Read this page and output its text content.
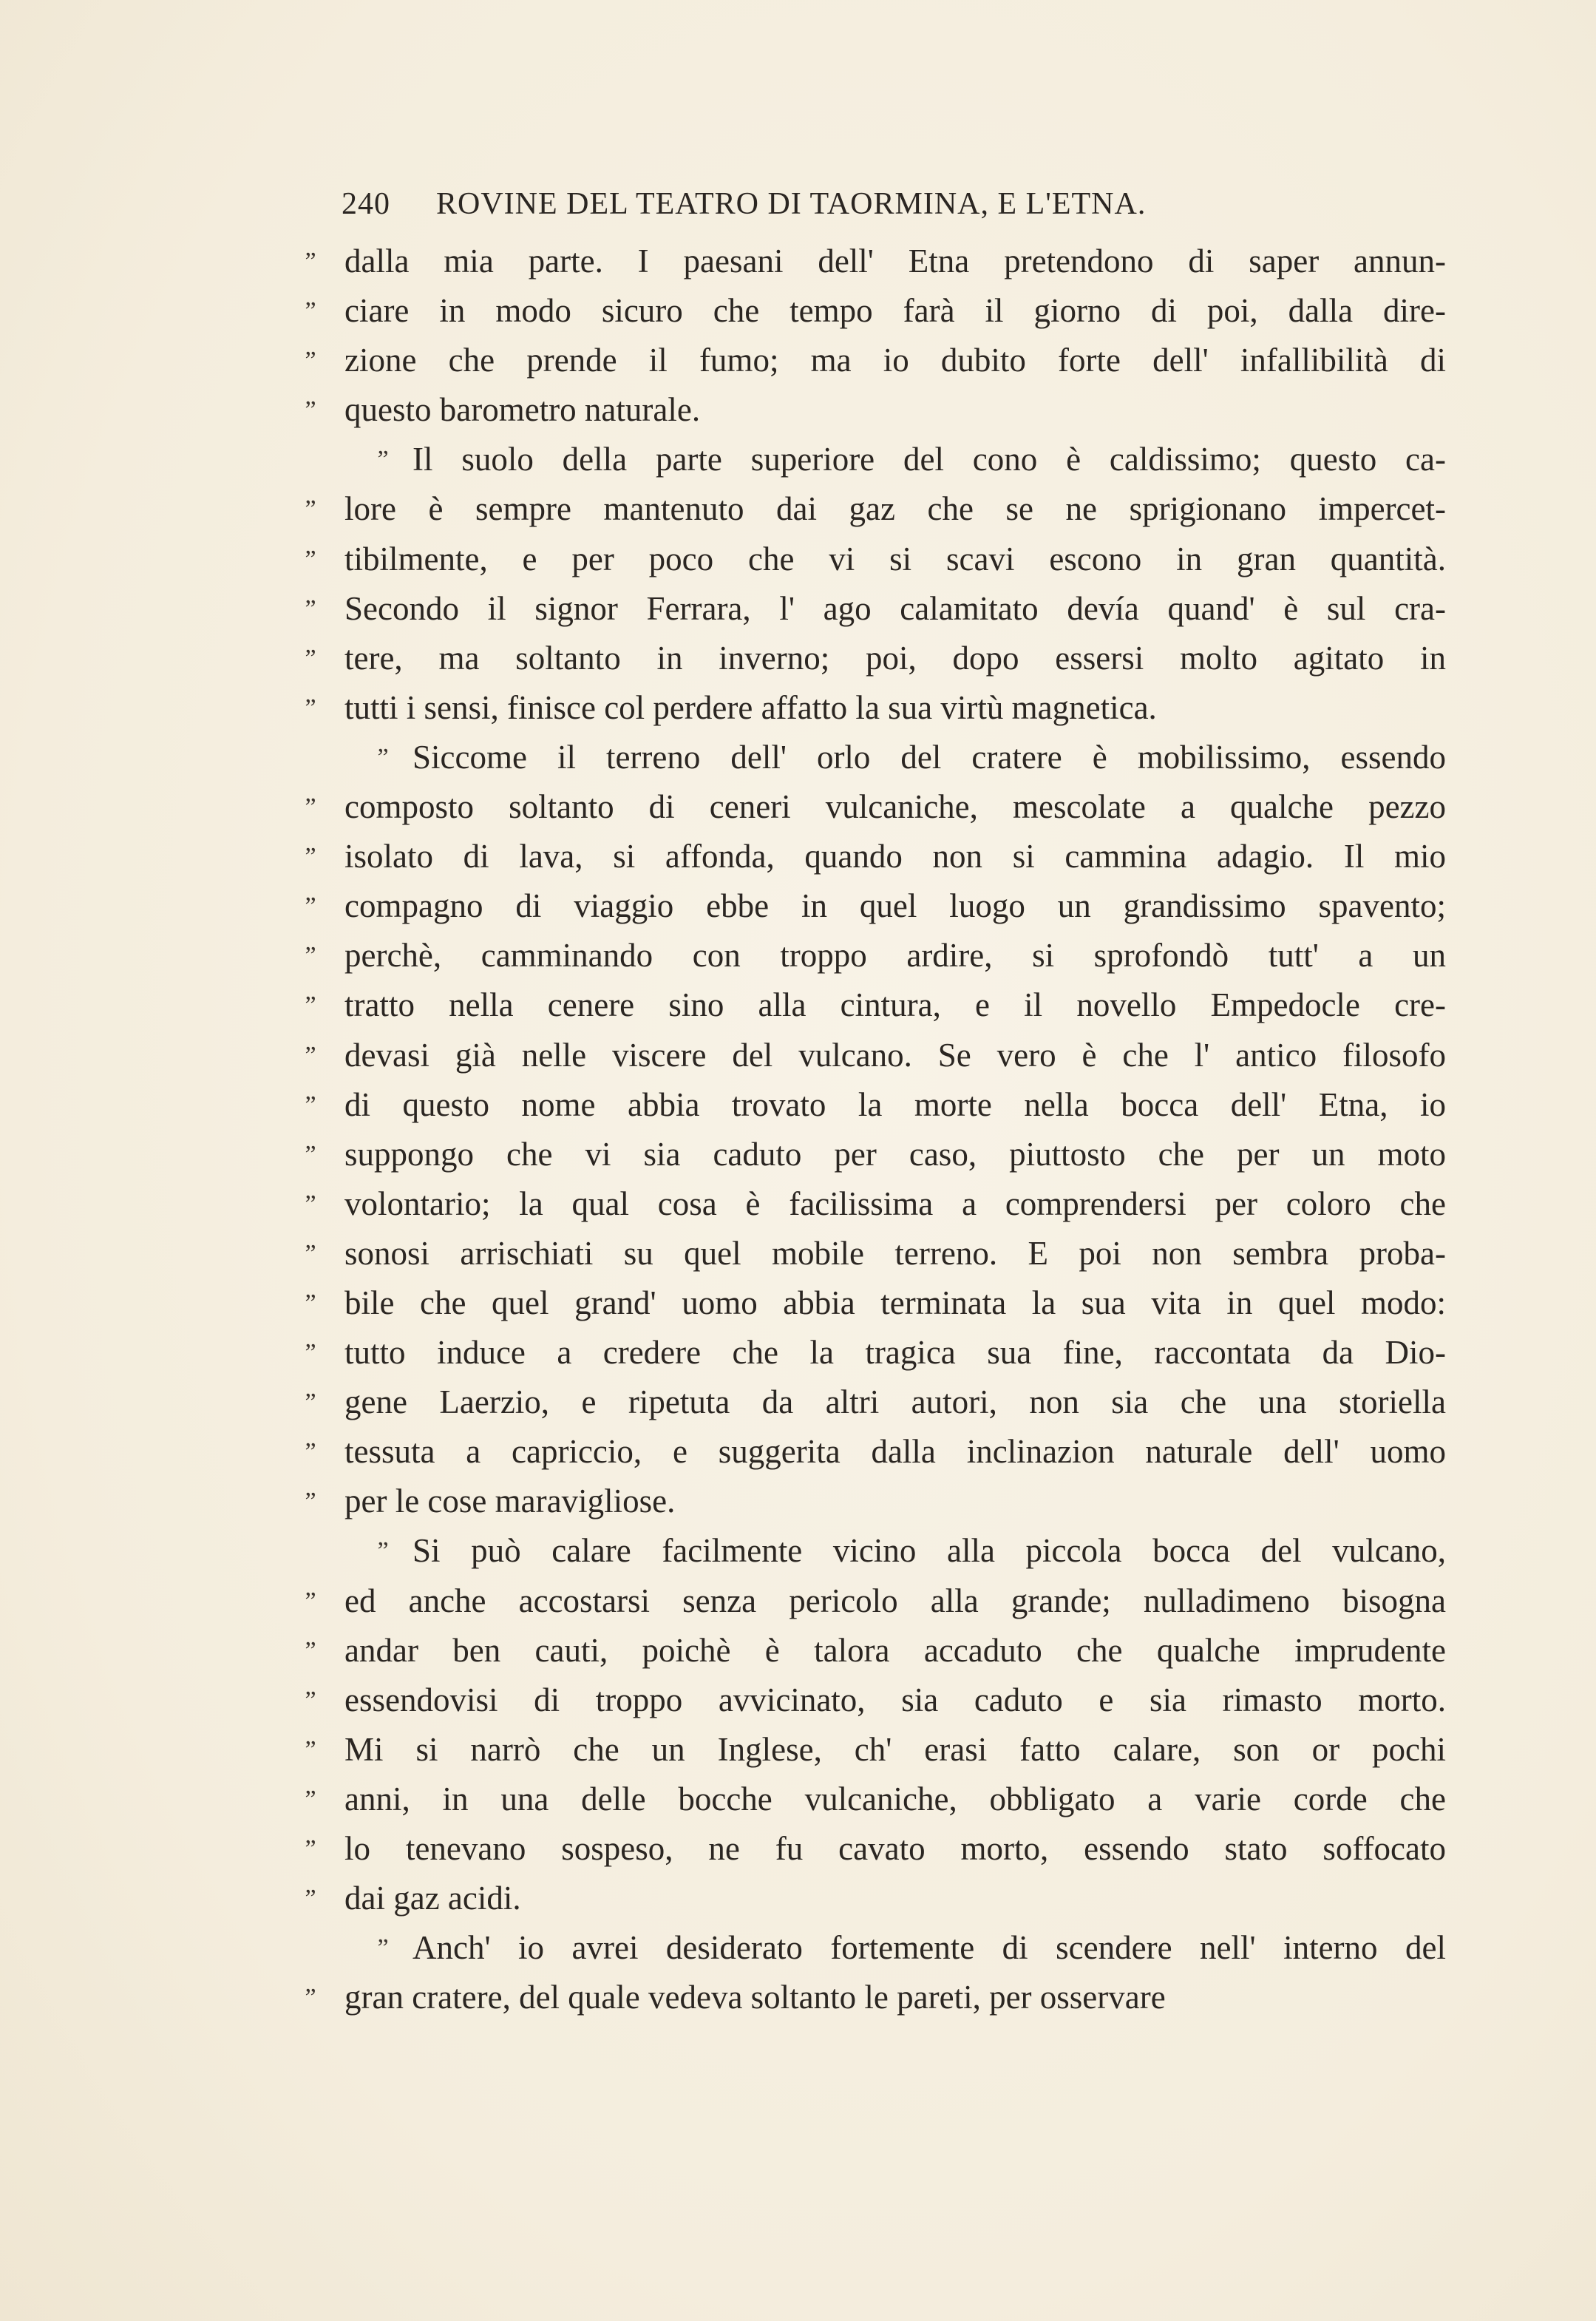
240 ROVINE DEL TEATRO DI TAORMINA, E L'ETNA.
” dalla mia parte. I paesani dell' Etna pretendono di saper annun-
” ciare in modo sicuro che tempo farà il giorno di poi, dalla dire-
” zione che prende il fumo; ma io dubito forte dell' infallibilità di
” questo barometro naturale.
” Il suolo della parte superiore del cono è caldissimo; questo ca-
” lore è sempre mantenuto dai gaz che se ne sprigionano impercet-
” tibilmente, e per poco che vi si scavi escono in gran quantità.
” Secondo il signor Ferrara, l' ago calamitato devía quand' è sul cra-
” tere, ma soltanto in inverno; poi, dopo essersi molto agitato in
” tutti i sensi, finisce col perdere affatto la sua virtù magnetica.
” Siccome il terreno dell' orlo del cratere è mobilissimo, essendo
” composto soltanto di ceneri vulcaniche, mescolate a qualche pezzo
” isolato di lava, si affonda, quando non si cammina adagio. Il mio
” compagno di viaggio ebbe in quel luogo un grandissimo spavento;
” perchè, camminando con troppo ardire, si sprofondò tutt' a un
” tratto nella cenere sino alla cintura, e il novello Empedocle cre-
” devasi già nelle viscere del vulcano. Se vero è che l' antico filosofo
” di questo nome abbia trovato la morte nella bocca dell' Etna, io
” suppongo che vi sia caduto per caso, piuttosto che per un moto
” volontario; la qual cosa è facilissima a comprendersi per coloro che
” sonosi arrischiati su quel mobile terreno. E poi non sembra proba-
” bile che quel grand' uomo abbia terminata la sua vita in quel modo:
” tutto induce a credere che la tragica sua fine, raccontata da Dio-
” gene Laerzio, e ripetuta da altri autori, non sia che una storiella
” tessuta a capriccio, e suggerita dalla inclinazion naturale dell' uomo
” per le cose maravigliose.
” Si può calare facilmente vicino alla piccola bocca del vulcano,
” ed anche accostarsi senza pericolo alla grande; nulladimeno bisogna
” andar ben cauti, poichè è talora accaduto che qualche imprudente
” essendovisi di troppo avvicinato, sia caduto e sia rimasto morto.
” Mi si narrò che un Inglese, ch' erasi fatto calare, son or pochi
” anni, in una delle bocche vulcaniche, obbligato a varie corde che
” lo tenevano sospeso, ne fu cavato morto, essendo stato soffocato
” dai gaz acidi.
” Anch' io avrei desiderato fortemente di scendere nell' interno del
” gran cratere, del quale vedeva soltanto le pareti, per osservare
